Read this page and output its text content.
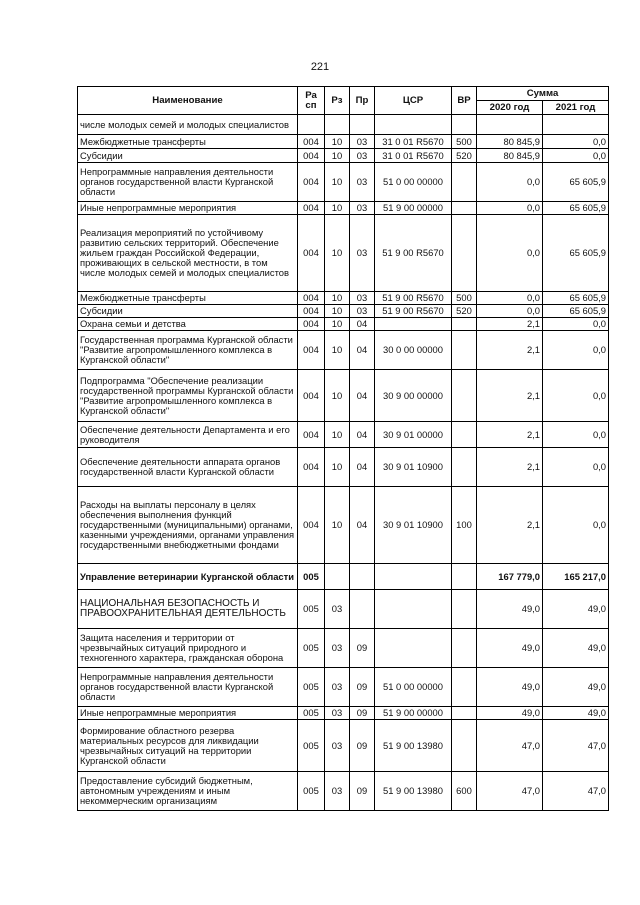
221
Наименование	Ра сп	Рз	Пр	ЦСР	ВР	Сумма	
						2020 год	2021 год
числе молодых семей и молодых специалистов							
Межбюджетные трансферты	004	10	03	31 0 01 R5670	500	80 845,9	0,0
Субсидии	004	10	03	31 0 01 R5670	520	80 845,9	0,0
Непрограммные направления деятельности органов государственной власти Курганской области	004	10	03	51 0 00 00000		0,0	65 605,9
Иные непрограммные мероприятия	004	10	03	51 9 00 00000		0,0	65 605,9
Реализация мероприятий по устойчивому развитию сельских территорий. Обеспечение жильем граждан Российской Федерации, проживающих в сельской местности, в том числе молодых семей и молодых специалистов	004	10	03	51 9 00 R5670		0,0	65 605,9
Межбюджетные трансферты	004	10	03	51 9 00 R5670	500	0,0	65 605,9
Субсидии	004	10	03	51 9 00 R5670	520	0,0	65 605,9
Охрана семьи и детства	004	10	04			2,1	0,0
Государственная программа Курганской области "Развитие агропромышленного комплекса в Курганской области"	004	10	04	30 0 00 00000		2,1	0,0
Подпрограмма "Обеспечение реализации государственной программы Курганской области "Развитие агропромышленного комплекса в Курганской области"	004	10	04	30 9 00 00000		2,1	0,0
Обеспечение деятельности Департамента и его руководителя	004	10	04	30 9 01 00000		2,1	0,0
Обеспечение деятельности аппарата органов государственной власти Курганской области	004	10	04	30 9 01 10900		2,1	0,0
Расходы на выплаты персоналу в целях обеспечения выполнения функций государственными (муниципальными) органами, казенными учреждениями, органами управления государственными внебюджетными фондами	004	10	04	30 9 01 10900	100	2,1	0,0
Управление ветеринарии Курганской области	005					167 779,0	165 217,0
НАЦИОНАЛЬНАЯ БЕЗОПАСНОСТЬ И ПРАВООХРАНИТЕЛЬНАЯ ДЕЯТЕЛЬНОСТЬ	005	03				49,0	49,0
Защита населения и территории от чрезвычайных ситуаций природного и техногенного характера, гражданская оборона	005	03	09			49,0	49,0
Непрограммные направления деятельности органов государственной власти Курганской области	005	03	09	51 0 00 00000		49,0	49,0
Иные непрограммные мероприятия	005	03	09	51 9 00 00000		49,0	49,0
Формирование областного резерва материальных ресурсов для ликвидации чрезвычайных ситуаций на территории Курганской области	005	03	09	51 9 00 13980		47,0	47,0
Предоставление субсидий бюджетным, автономным учреждениям и иным некоммерческим организациям	005	03	09	51 9 00 13980	600	47,0	47,0
